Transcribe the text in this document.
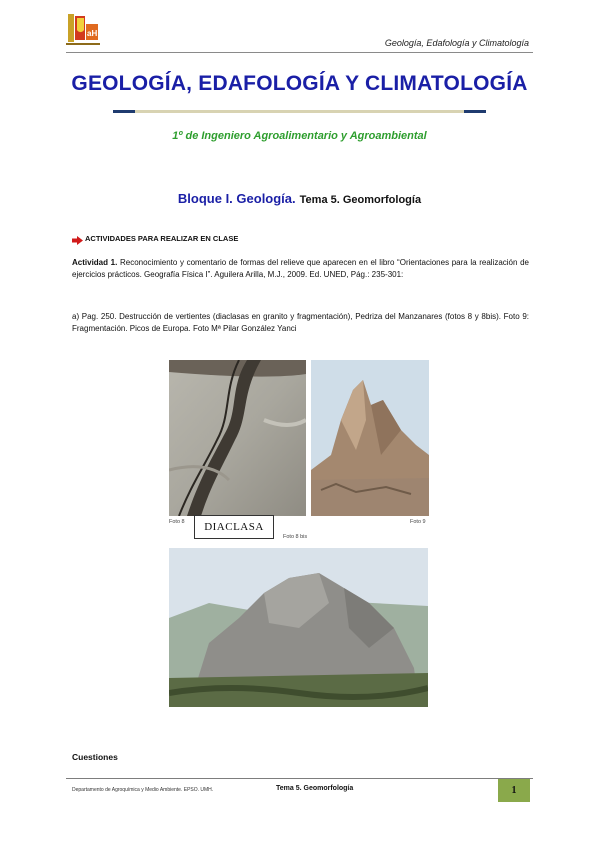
aH
Geología, Edafología y Climatología
GEOLOGÍA, EDAFOLOGÍA Y CLIMATOLOGÍA
1º de Ingeniero Agroalimentario y Agroambiental
Bloque I. Geología. Tema 5. Geomorfología
ACTIVIDADES PARA REALIZAR EN CLASE
Actividad 1. Reconocimiento y comentario de formas del relieve que aparecen en el libro “Orientaciones para la realización de ejercicios prácticos. Geografía Física I”. Aguilera Arilla, M.J., 2009. Ed. UNED, Pág.: 235-301:
a) Pag. 250. Destrucción de vertientes (diaclasas en granito y fragmentación), Pedriza del Manzanares (fotos 8 y 8bis). Foto 9: Fragmentación. Picos de Europa. Foto Mª Pilar González Yanci
Foto 8	Foto 9
Foto 8 bis
DIACLASA
Cuestiones
Departamento de Agroquímica y Medio Ambiente. EPSO. UMH.	Tema 5. Geomorfología	1
